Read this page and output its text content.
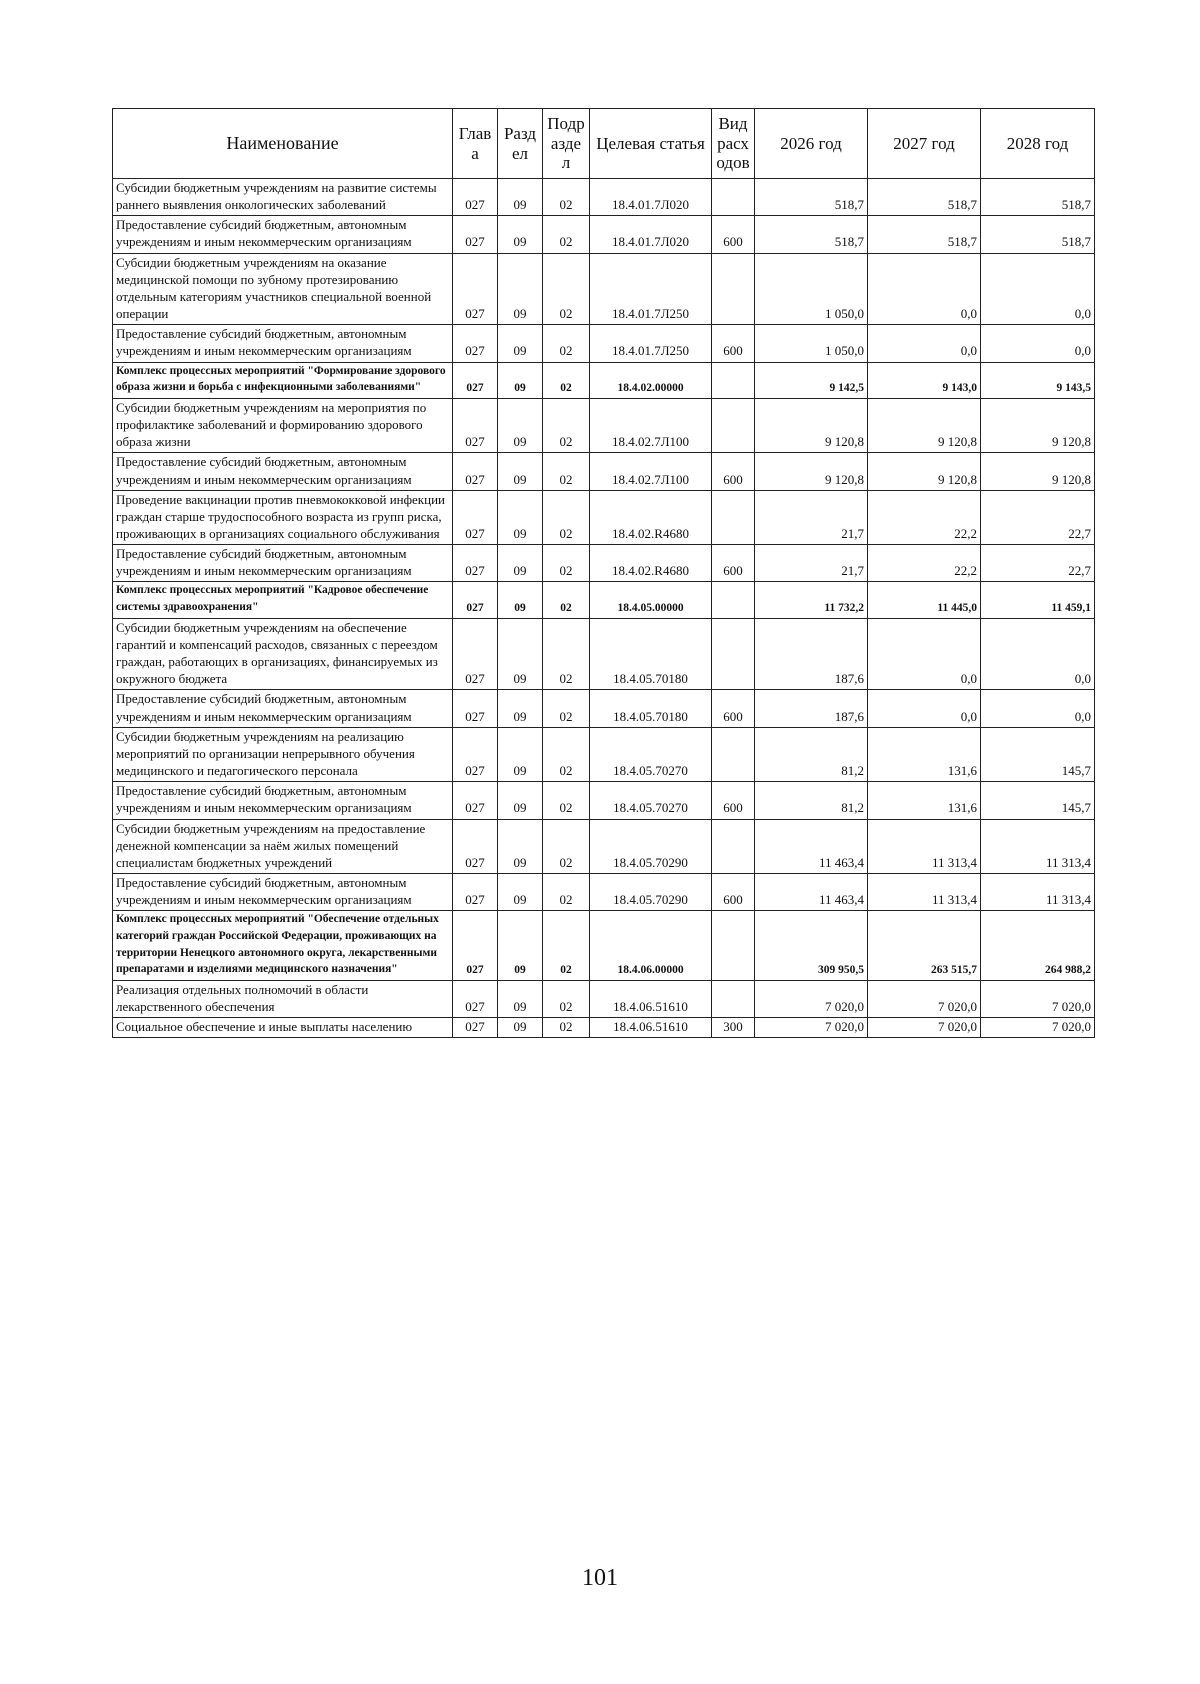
Наименование	Глав а	Разд ел	Подр азде л	Целевая статья	Вид расх одов	2026 год	2027 год	2028 год
Субсидии бюджетным учреждениям на развитие системы раннего выявления онкологических заболеваний	027	09	02	18.4.01.7Л020		518,7	518,7	518,7
Предоставление субсидий бюджетным, автономным учреждениям и иным некоммерческим организациям	027	09	02	18.4.01.7Л020	600	518,7	518,7	518,7
Субсидии бюджетным учреждениям на оказание медицинской помощи по зубному протезированию отдельным категориям участников специальной военной операции	027	09	02	18.4.01.7Л250		1 050,0	0,0	0,0
Предоставление субсидий бюджетным, автономным учреждениям и иным некоммерческим организациям	027	09	02	18.4.01.7Л250	600	1 050,0	0,0	0,0
Комплекс процессных мероприятий "Формирование здорового образа жизни и борьба с инфекционными заболеваниями"	027	09	02	18.4.02.00000		9 142,5	9 143,0	9 143,5
Субсидии бюджетным учреждениям на мероприятия по профилактике заболеваний и формированию здорового образа жизни	027	09	02	18.4.02.7Л100		9 120,8	9 120,8	9 120,8
Предоставление субсидий бюджетным, автономным учреждениям и иным некоммерческим организациям	027	09	02	18.4.02.7Л100	600	9 120,8	9 120,8	9 120,8
Проведение вакцинации против пневмококковой инфекции граждан старше трудоспособного возраста из групп риска, проживающих в организациях социального обслуживания	027	09	02	18.4.02.R4680		21,7	22,2	22,7
Предоставление субсидий бюджетным, автономным учреждениям и иным некоммерческим организациям	027	09	02	18.4.02.R4680	600	21,7	22,2	22,7
Комплекс процессных мероприятий "Кадровое обеспечение системы здравоохранения"	027	09	02	18.4.05.00000		11 732,2	11 445,0	11 459,1
Субсидии бюджетным учреждениям на обеспечение гарантий и компенсаций расходов, связанных с переездом граждан, работающих в организациях, финансируемых из окружного бюджета	027	09	02	18.4.05.70180		187,6	0,0	0,0
Предоставление субсидий бюджетным, автономным учреждениям и иным некоммерческим организациям	027	09	02	18.4.05.70180	600	187,6	0,0	0,0
Субсидии бюджетным учреждениям на реализацию мероприятий по организации непрерывного обучения медицинского и педагогического персонала	027	09	02	18.4.05.70270		81,2	131,6	145,7
Предоставление субсидий бюджетным, автономным учреждениям и иным некоммерческим организациям	027	09	02	18.4.05.70270	600	81,2	131,6	145,7
Субсидии бюджетным учреждениям на предоставление денежной компенсации за наём жилых помещений специалистам бюджетных учреждений	027	09	02	18.4.05.70290		11 463,4	11 313,4	11 313,4
Предоставление субсидий бюджетным, автономным учреждениям и иным некоммерческим организациям	027	09	02	18.4.05.70290	600	11 463,4	11 313,4	11 313,4
Комплекс процессных мероприятий "Обеспечение отдельных категорий граждан Российской Федерации, проживающих на территории Ненецкого автономного округа, лекарственными препаратами и изделиями медицинского назначения"	027	09	02	18.4.06.00000		309 950,5	263 515,7	264 988,2
Реализация отдельных полномочий в области лекарственного обеспечения	027	09	02	18.4.06.51610		7 020,0	7 020,0	7 020,0
Социальное обеспечение и иные выплаты населению	027	09	02	18.4.06.51610	300	7 020,0	7 020,0	7 020,0
101
